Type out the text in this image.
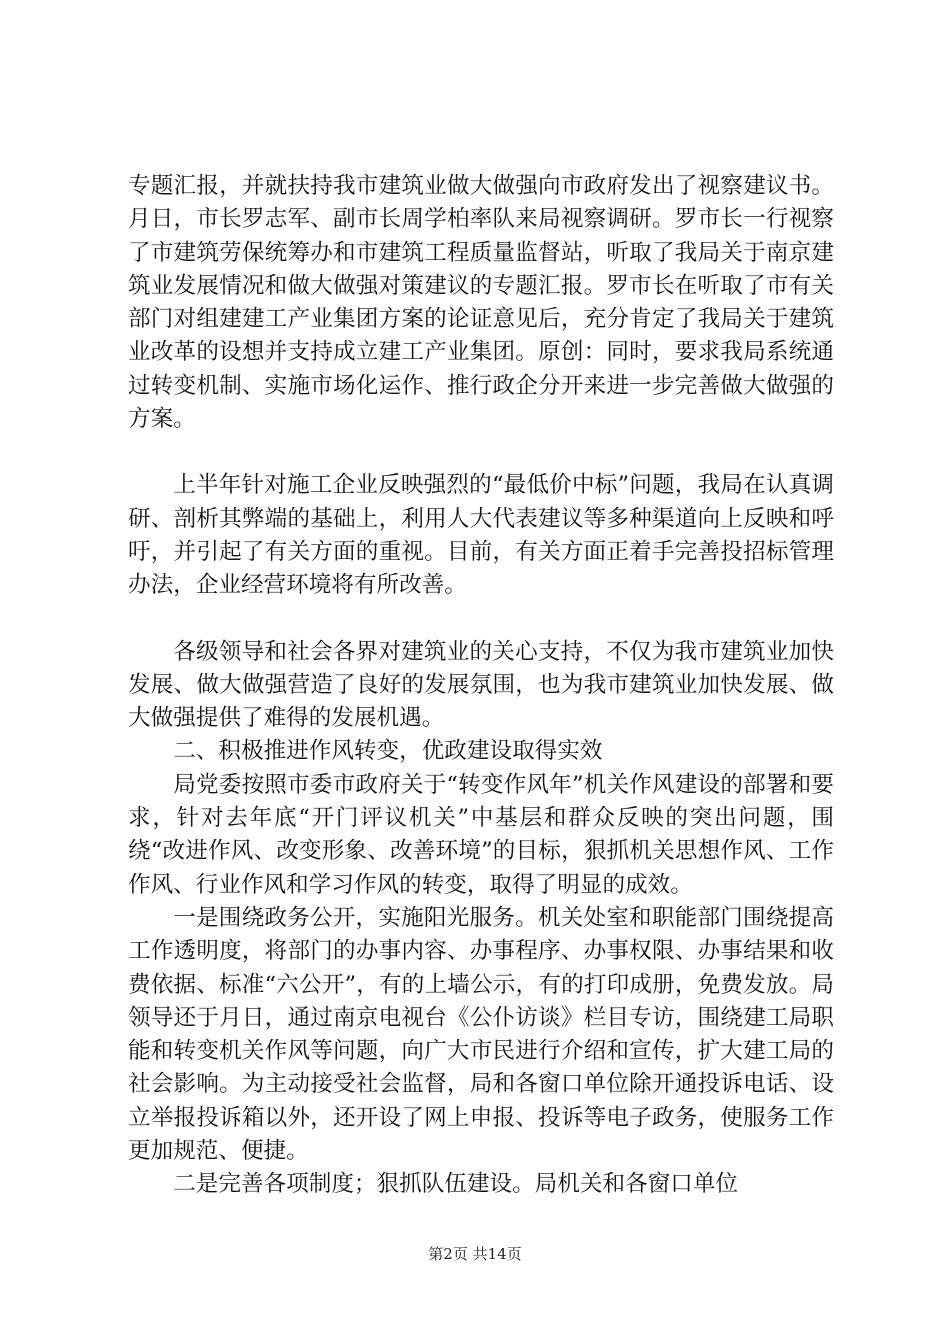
专题汇报，并就扶持我市建筑业做大做强向市政府发出了视察建议书。月日，市长罗志军、副市长周学柏率队来局视察调研。罗市长一行视察了市建筑劳保统筹办和市建筑工程质量监督站，听取了我局关于南京建筑业发展情况和做大做强对策建议的专题汇报。罗市长在听取了市有关部门对组建建工产业集团方案的论证意见后，充分肯定了我局关于建筑业改革的设想并支持成立建工产业集团。原创：同时，要求我局系统通过转变机制、实施市场化运作、推行政企分开来进一步完善做大做强的方案。

上半年针对施工企业反映强烈的“最低价中标”问题，我局在认真调研、剖析其弊端的基础上，利用人大代表建议等多种渠道向上反映和呼吁，并引起了有关方面的重视。目前，有关方面正着手完善投招标管理办法，企业经营环境将有所改善。

各级领导和社会各界对建筑业的关心支持，不仅为我市建筑业加快发展、做大做强营造了良好的发展氛围，也为我市建筑业加快发展、做大做强提供了难得的发展机遇。

二、积极推进作风转变，优政建设取得实效

局党委按照市委市政府关于“转变作风年”机关作风建设的部署和要求，针对去年底“开门评议机关”中基层和群众反映的突出问题，围绕“改进作风、改变形象、改善环境”的目标，狠抓机关思想作风、工作作风、行业作风和学习作风的转变，取得了明显的成效。

一是围绕政务公开，实施阳光服务。机关处室和职能部门围绕提高工作透明度，将部门的办事内容、办事程序、办事权限、办事结果和收费依据、标准“六公开”，有的上墙公示，有的打印成册，免费发放。局领导还于月日，通过南京电视台《公仆访谈》栏目专访，围绕建工局职能和转变机关作风等问题，向广大市民进行介绍和宣传，扩大建工局的社会影响。为主动接受社会监督，局和各窗口单位除开通投诉电话、设立举报投诉箱以外，还开设了网上申报、投诉等电子政务，使服务工作更加规范、便捷。

二是完善各项制度；狠抓队伍建设。局机关和各窗口单位

第2页 共14页
